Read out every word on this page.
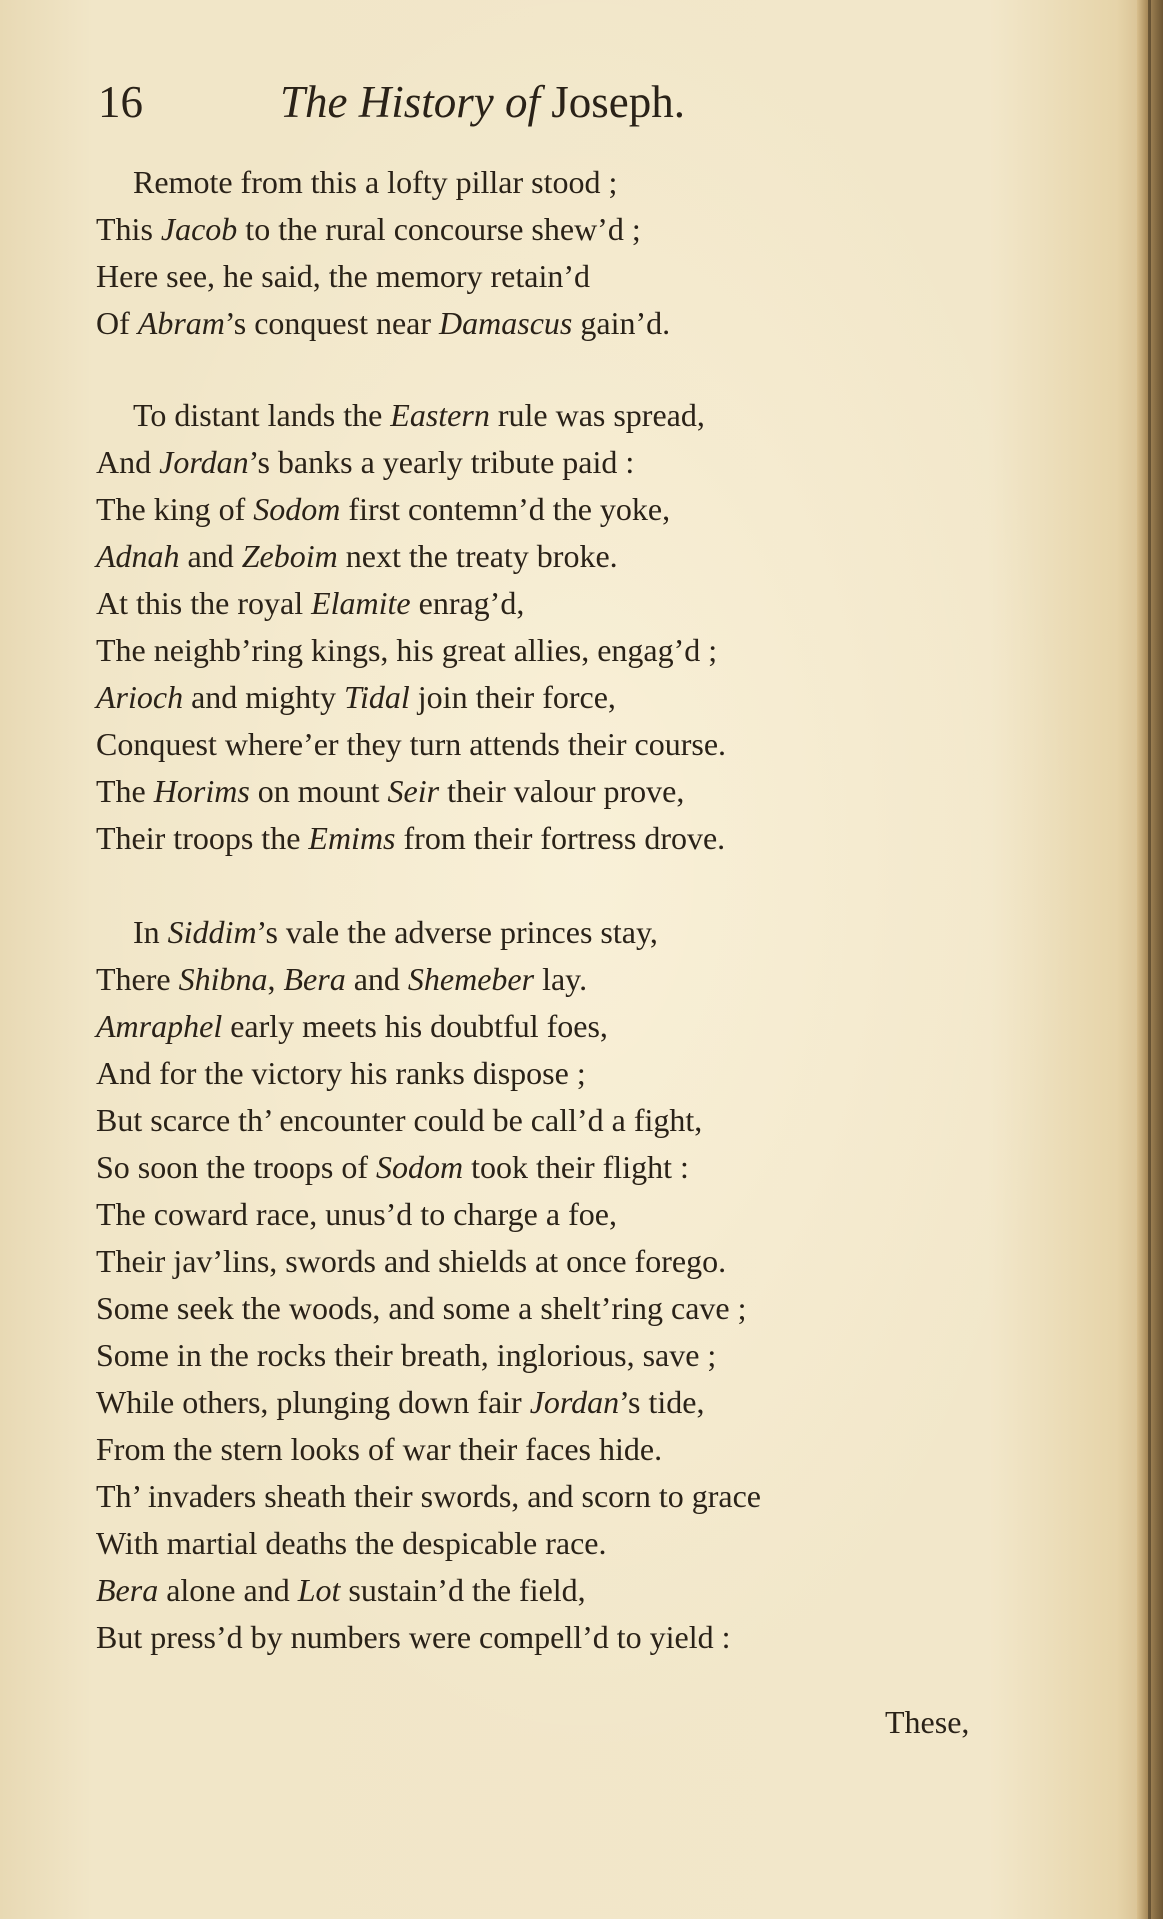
16	The History of Joseph.
Remote from this a lofty pillar stood ;
This Jacob to the rural concourse shew’d ;
Here see, he said, the memory retain’d
Of Abram’s conquest near Damascus gain’d.
To distant lands the Eastern rule was spread,
And Jordan’s banks a yearly tribute paid :
The king of Sodom first contemn’d the yoke,
Adnah and Zeboim next the treaty broke.
At this the royal Elamite enrag’d,
The neighb’ring kings, his great allies, engag’d ;
Arioch and mighty Tidal join their force,
Conquest where’er they turn attends their course.
The Horims on mount Seir their valour prove,
Their troops the Emims from their fortress drove.
In Siddim’s vale the adverse princes stay,
There Shibna, Bera and Shemeber lay.
Amraphel early meets his doubtful foes,
And for the victory his ranks dispose ;
But scarce th’ encounter could be call’d a fight,
So soon the troops of Sodom took their flight :
The coward race, unus’d to charge a foe,
Their jav’lins, swords and shields at once forego.
Some seek the woods, and some a shelt’ring cave ;
Some in the rocks their breath, inglorious, save ;
While others, plunging down fair Jordan’s tide,
From the stern looks of war their faces hide.
Th’ invaders sheath their swords, and scorn to grace
With martial deaths the despicable race.
Bera alone and Lot sustain’d the field,
But press’d by numbers were compell’d to yield :
These,
